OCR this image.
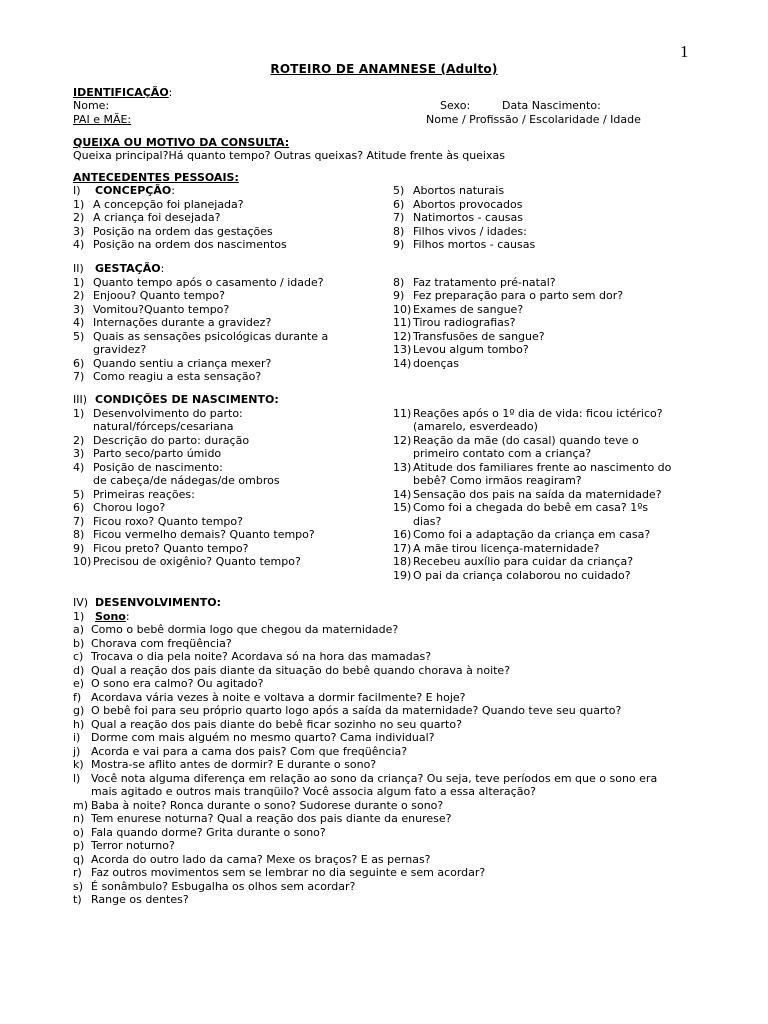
1
ROTEIRO DE ANAMNESE (Adulto)
IDENTIFICAÇÃO:
Nome:	Sexo:	Data Nascimento:
PAI e MÃE:	Nome / Profissão / Escolaridade / Idade
QUEIXA OU MOTIVO DA CONSULTA:
Queixa principal?Há quanto tempo? Outras queixas? Atitude frente às queixas
ANTECEDENTES PESSOAIS:
I) CONCEPÇÃO:
1) A concepção foi planejada?
2) A criança foi desejada?
3) Posição na ordem das gestações
4) Posição na ordem dos nascimentos
5) Abortos naturais
6) Abortos provocados
7) Natimortos - causas
8) Filhos vivos / idades:
9) Filhos mortos - causas
II) GESTAÇÃO:
1) Quanto tempo após o casamento / idade?
2) Enjoou? Quanto tempo?
3) Vomitou?Quanto tempo?
4) Internações durante a gravidez?
5) Quais as sensações psicológicas durante a
gravidez?
6) Quando sentiu a criança mexer?
7) Como reagiu a esta sensação?
8) Faz tratamento pré-natal?
9) Fez preparação para o parto sem dor?
10) Exames de sangue?
11) Tirou radiografias?
12) Transfusões de sangue?
13) Levou algum tombo?
14) doenças
III) CONDIÇÕES DE NASCIMENTO:
1) Desenvolvimento do parto:
natural/fórceps/cesariana
2) Descrição do parto: duração
3) Parto seco/parto úmido
4) Posição de nascimento:
de cabeça/de nádegas/de ombros
5) Primeiras reações:
6) Chorou logo?
7) Ficou roxo? Quanto tempo?
8) Ficou vermelho demais? Quanto tempo?
9) Ficou preto? Quanto tempo?
10) Precisou de oxigênio? Quanto tempo?
11) Reações após o 1º dia de vida: ficou ictérico?
(amarelo, esverdeado)
12) Reação da mãe (do casal) quando teve o
primeiro contato com a criança?
13) Atitude dos familiares frente ao nascimento do
bebê? Como irmãos reagiram?
14) Sensação dos pais na saída da maternidade?
15) Como foi a chegada do bebê em casa? 1ºs
dias?
16) Como foi a adaptação da criança em casa?
17) A mãe tirou licença-maternidade?
18) Recebeu auxílio para cuidar da criança?
19) O pai da criança colaborou no cuidado?
IV) DESENVOLVIMENTO:
1) Sono:
a) Como o bebê dormia logo que chegou da maternidade?
b) Chorava com freqüência?
c) Trocava o dia pela noite? Acordava só na hora das mamadas?
d) Qual a reação dos pais diante da situação do bebê quando chorava à noite?
e) O sono era calmo? Ou agitado?
f) Acordava vária vezes à noite e voltava a dormir facilmente? E hoje?
g) O bebê foi para seu próprio quarto logo após a saída da maternidade? Quando teve seu quarto?
h) Qual a reação dos pais diante do bebê ficar sozinho no seu quarto?
i) Dorme com mais alguém no mesmo quarto? Cama individual?
j) Acorda e vai para a cama dos pais? Com que freqüência?
k) Mostra-se aflito antes de dormir? E durante o sono?
l) Você nota alguma diferença em relação ao sono da criança? Ou seja, teve períodos em que o sono era
mais agitado e outros mais tranqüilo? Você associa algum fato a essa alteração?
m) Baba à noite? Ronca durante o sono? Sudorese durante o sono?
n) Tem enurese noturna? Qual a reação dos pais diante da enurese?
o) Fala quando dorme? Grita durante o sono?
p) Terror noturno?
q) Acorda do outro lado da cama? Mexe os braços? E as pernas?
r) Faz outros movimentos sem se lembrar no dia seguinte e sem acordar?
s) É sonâmbulo? Esbugalha os olhos sem acordar?
t) Range os dentes?
